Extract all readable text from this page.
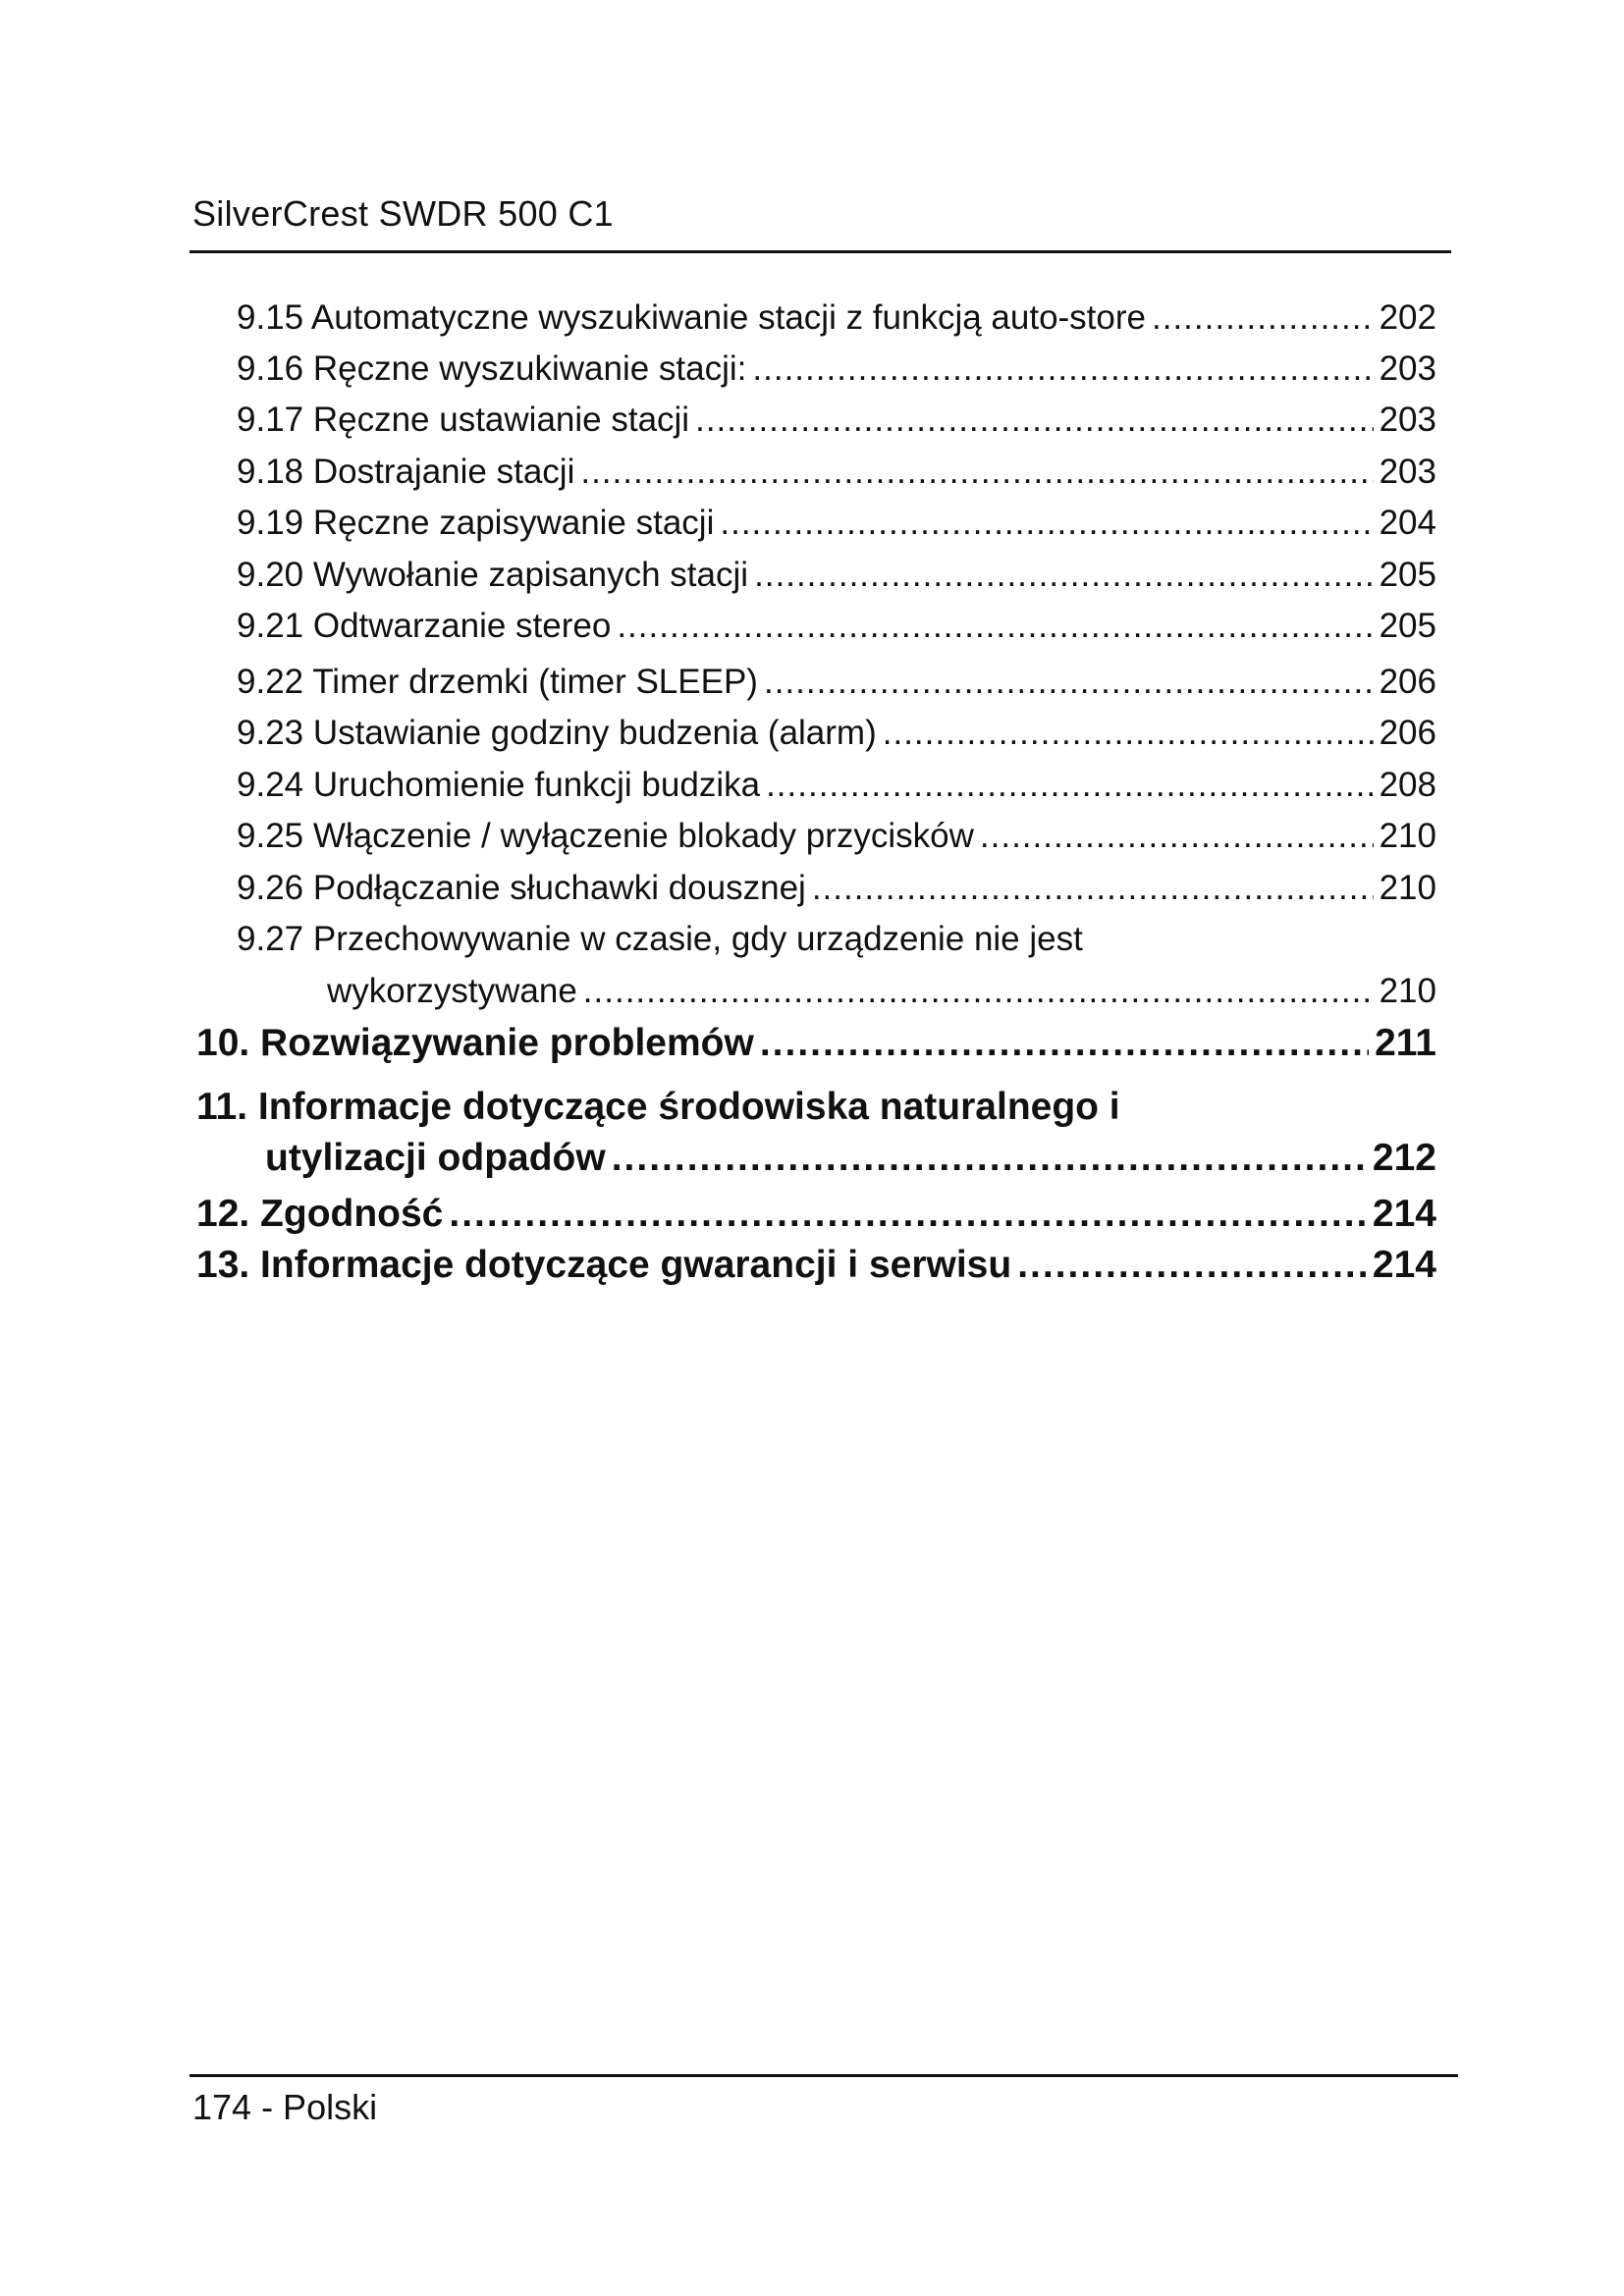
SilverCrest SWDR 500 C1
9.15 Automatyczne wyszukiwanie stacji z funkcją auto-store .....	202
9.16 Ręczne wyszukiwanie stacji: .....	203
9.17 Ręczne ustawianie stacji .....	203
9.18 Dostrajanie stacji .....	203
9.19 Ręczne zapisywanie stacji .....	204
9.20 Wywołanie zapisanych stacji .....	205
9.21 Odtwarzanie stereo .....	205
9.22 Timer drzemki (timer SLEEP) .....	206
9.23 Ustawianie godziny budzenia (alarm) .....	206
9.24 Uruchomienie funkcji budzika .....	208
9.25 Włączenie / wyłączenie blokady przycisków .....	210
9.26 Podłączanie słuchawki dousznej .....	210
9.27 Przechowywanie w czasie, gdy urządzenie nie jest
wykorzystywane .....	210
10. Rozwiązywanie problemów .....	211
11. Informacje dotyczące środowiska naturalnego i
utylizacji odpadów .....	212
12. Zgodność .....	214
13. Informacje dotyczące gwarancji i serwisu .....	214
174 - Polski
